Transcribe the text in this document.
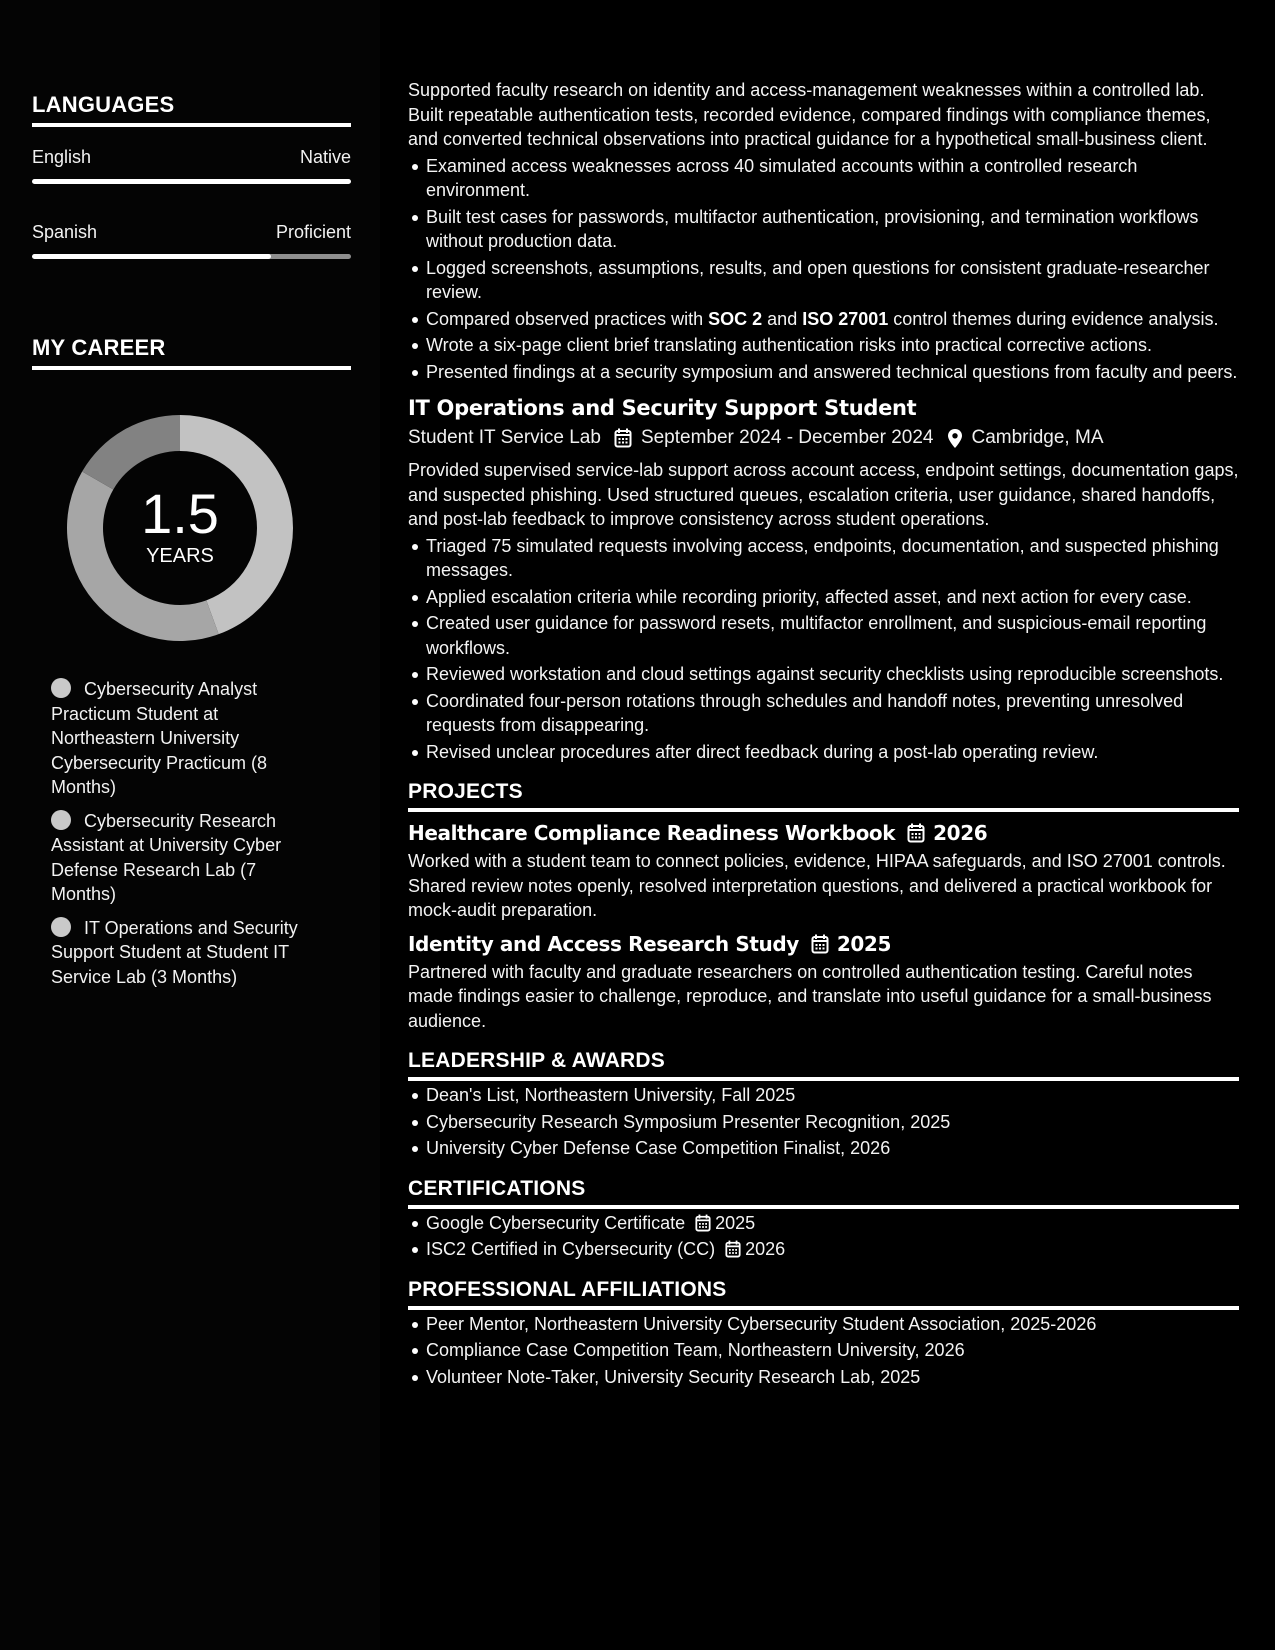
LANGUAGES
English	Native
Spanish	Proficient
MY CAREER
1.5
YEARS
Cybersecurity Analyst Practicum Student at Northeastern University Cybersecurity Practicum (8 Months)
Cybersecurity Research Assistant at University Cyber Defense Research Lab (7 Months)
IT Operations and Security Support Student at Student IT Service Lab (3 Months)

Supported faculty research on identity and access-management weaknesses within a controlled lab. Built repeatable authentication tests, recorded evidence, compared findings with compliance themes, and converted technical observations into practical guidance for a hypothetical small-business client.

Examined access weaknesses across 40 simulated accounts within a controlled research environment.
Built test cases for passwords, multifactor authentication, provisioning, and termination workflows without production data.
Logged screenshots, assumptions, results, and open questions for consistent graduate-researcher review.
Compared observed practices with SOC 2 and ISO 27001 control themes during evidence analysis.
Wrote a six-page client brief translating authentication risks into practical corrective actions.
Presented findings at a security symposium and answered technical questions from faculty and peers.
IT Operations and Security Support Student
Student IT Service Lab September 2024 - December 2024 Cambridge, MA

Provided supervised service-lab support across account access, endpoint settings, documentation gaps, and suspected phishing. Used structured queues, escalation criteria, user guidance, shared handoffs, and post-lab feedback to improve consistency across student operations.

Triaged 75 simulated requests involving access, endpoints, documentation, and suspected phishing messages.
Applied escalation criteria while recording priority, affected asset, and next action for every case.
Created user guidance for password resets, multifactor enrollment, and suspicious-email reporting workflows.
Reviewed workstation and cloud settings against security checklists using reproducible screenshots.
Coordinated four-person rotations through schedules and handoff notes, preventing unresolved requests from disappearing.
Revised unclear procedures after direct feedback during a post-lab operating review.
PROJECTS
Healthcare Compliance Readiness Workbook 2026

Worked with a student team to connect policies, evidence, HIPAA safeguards, and ISO 27001 controls. Shared review notes openly, resolved interpretation questions, and delivered a practical workbook for mock-audit preparation.

Identity and Access Research Study 2025

Partnered with faculty and graduate researchers on controlled authentication testing. Careful notes made findings easier to challenge, reproduce, and translate into useful guidance for a small-business audience.

LEADERSHIP & AWARDS
Dean's List, Northeastern University, Fall 2025
Cybersecurity Research Symposium Presenter Recognition, 2025
University Cyber Defense Case Competition Finalist, 2026
CERTIFICATIONS
Google Cybersecurity Certificate 2025
ISC2 Certified in Cybersecurity (CC) 2026
PROFESSIONAL AFFILIATIONS
Peer Mentor, Northeastern University Cybersecurity Student Association, 2025-2026
Compliance Case Competition Team, Northeastern University, 2026
Volunteer Note-Taker, University Security Research Lab, 2025
